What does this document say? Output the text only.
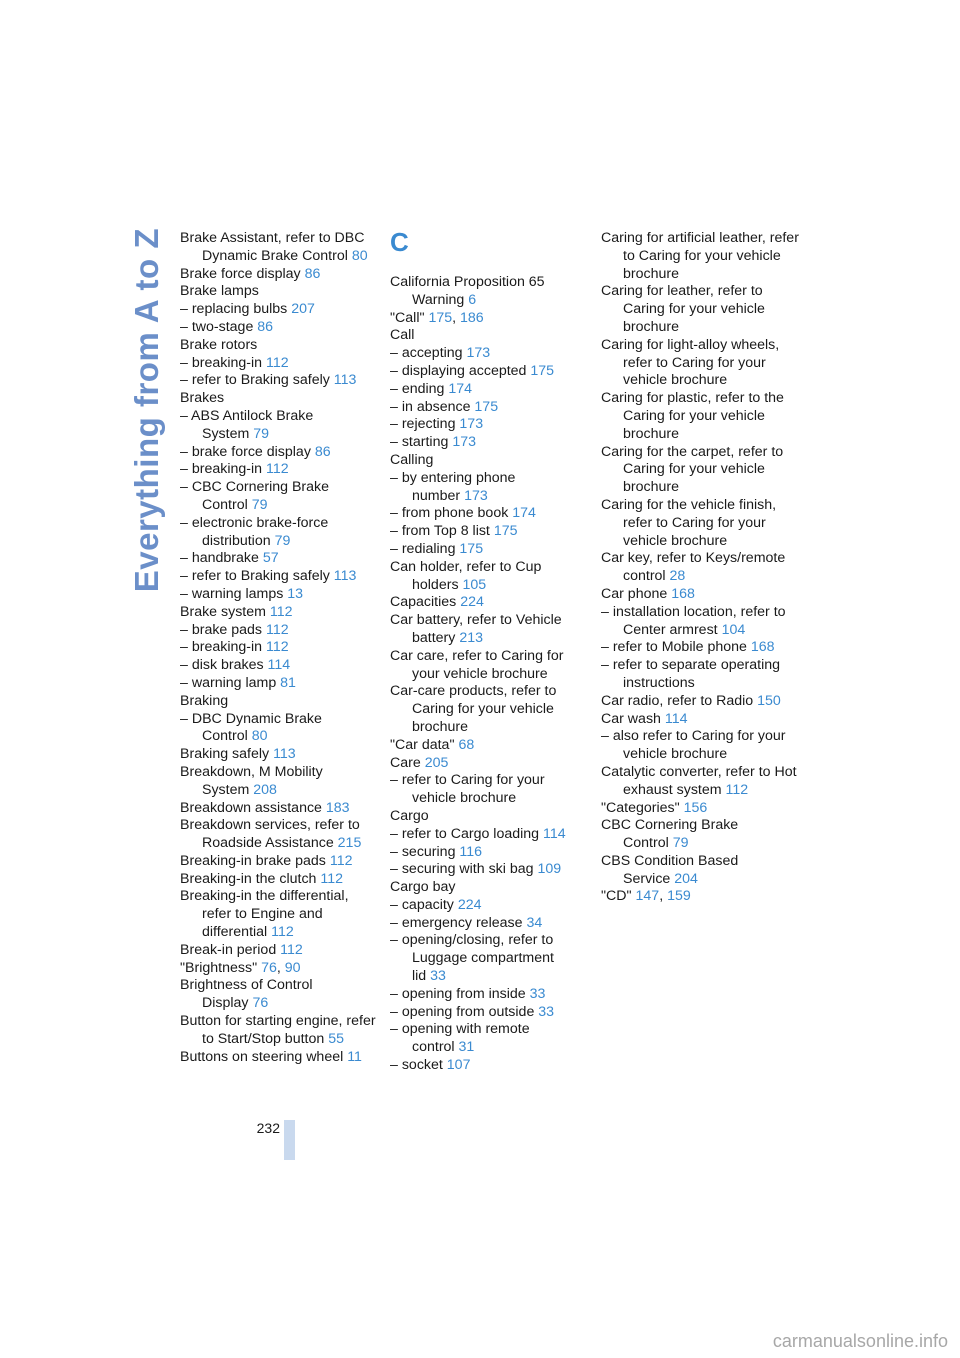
Everything from A to Z Brake Assistant, refer to DBC Dynamic Brake Control 80
Brake force display 86
Brake lamps
– replacing bulbs 207
– two-stage 86
Brake rotors
– breaking-in 112
– refer to Braking safely 113
Brakes
– ABS Antilock Brake System 79
– brake force display 86
– breaking-in 112
– CBC Cornering Brake Control 79
– electronic brake-force distribution 79
– handbrake 57
– refer to Braking safely 113
– warning lamps 13
Brake system 112
– brake pads 112
– breaking-in 112
– disk brakes 114
– warning lamp 81
Braking
– DBC Dynamic Brake Control 80
Braking safely 113
Breakdown, M Mobility System 208
Breakdown assistance 183
Breakdown services, refer to Roadside Assistance 215
Breaking-in brake pads 112
Breaking-in the clutch 112
Breaking-in the differential, refer to Engine and differential 112
Break-in period 112
"Brightness" 76, 90
Brightness of Control Display 76
Button for starting engine, refer to Start/Stop button 55
Buttons on steering wheel 11
C
California Proposition 65 Warning 6
"Call" 175, 186
Call
– accepting 173
– displaying accepted 175
– ending 174
– in absence 175
– rejecting 173
– starting 173
Calling
– by entering phone number 173
– from phone book 174
– from Top 8 list 175
– redialing 175
Can holder, refer to Cup holders 105
Capacities 224
Car battery, refer to Vehicle battery 213
Car care, refer to Caring for your vehicle brochure
Car-care products, refer to Caring for your vehicle brochure
"Car data" 68
Care 205
– refer to Caring for your vehicle brochure
Cargo
– refer to Cargo loading 114
– securing 116
– securing with ski bag 109
Cargo bay
– capacity 224
– emergency release 34
– opening/closing, refer to Luggage compartment lid 33
– opening from inside 33
– opening from outside 33
– opening with remote control 31
– socket 107
Caring for artificial leather, refer to Caring for your vehicle brochure
Caring for leather, refer to Caring for your vehicle brochure
Caring for light-alloy wheels, refer to Caring for your vehicle brochure
Caring for plastic, refer to the Caring for your vehicle brochure
Caring for the carpet, refer to Caring for your vehicle brochure
Caring for the vehicle finish, refer to Caring for your vehicle brochure
Car key, refer to Keys/remote control 28
Car phone 168
– installation location, refer to Center armrest 104
– refer to Mobile phone 168
– refer to separate operating instructions
Car radio, refer to Radio 150
Car wash 114
– also refer to Caring for your vehicle brochure
Catalytic converter, refer to Hot exhaust system 112
"Categories" 156
CBC Cornering Brake Control 79
CBS Condition Based Service 204
"CD" 147, 159
232
carmanualsonline.info
